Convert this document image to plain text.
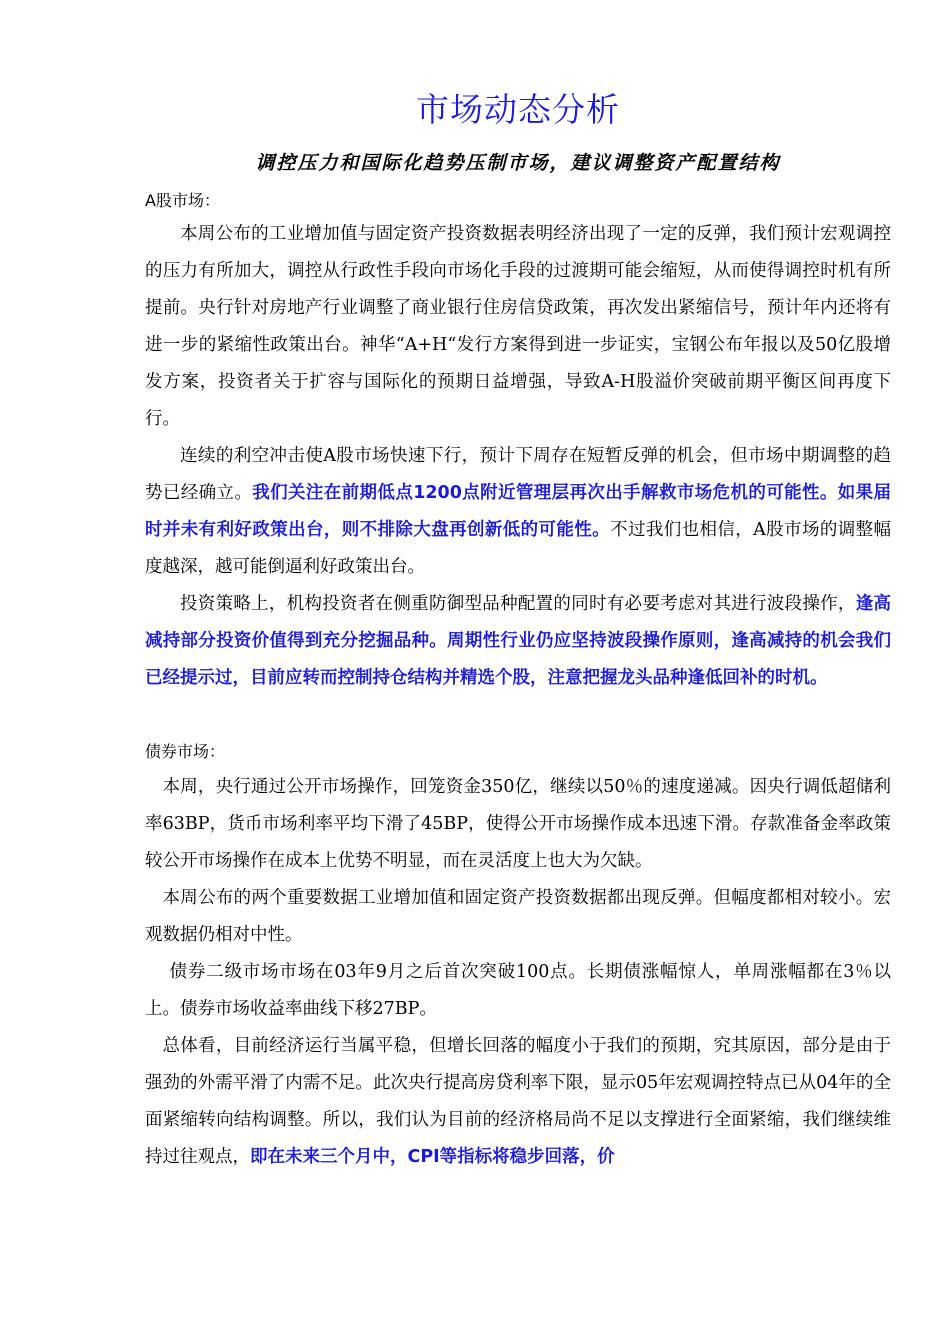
市场动态分析
调控压力和国际化趋势压制市场，建议调整资产配置结构

A股市场：

本周公布的工业增加值与固定资产投资数据表明经济出现了一定的反弹，我们预计宏观调控的压力有所加大，调控从行政性手段向市场化手段的过渡期可能会缩短，从而使得调控时机有所提前。央行针对房地产行业调整了商业银行住房信贷政策，再次发出紧缩信号，预计年内还将有进一步的紧缩性政策出台。神华“A+H“发行方案得到进一步证实，宝钢公布年报以及50亿股增发方案，投资者关于扩容与国际化的预期日益增强，导致A-H股溢价突破前期平衡区间再度下行。

连续的利空冲击使A股市场快速下行，预计下周存在短暂反弹的机会，但市场中期调整的趋势已经确立。我们关注在前期低点1200点附近管理层再次出手解救市场危机的可能性。如果届时并未有利好政策出台，则不排除大盘再创新低的可能性。不过我们也相信，A股市场的调整幅度越深，越可能倒逼利好政策出台。

投资策略上，机构投资者在侧重防御型品种配置的同时有必要考虑对其进行波段操作，逢高减持部分投资价值得到充分挖掘品种。周期性行业仍应坚持波段操作原则，逢高减持的机会我们已经提示过，目前应转而控制持仓结构并精选个股，注意把握龙头品种逢低回补的时机。

债券市场：

本周，央行通过公开市场操作，回笼资金350亿，继续以50％的速度递减。因央行调低超储利率63BP，货币市场利率平均下滑了45BP，使得公开市场操作成本迅速下滑。存款准备金率政策较公开市场操作在成本上优势不明显，而在灵活度上也大为欠缺。

本周公布的两个重要数据工业增加值和固定资产投资数据都出现反弹。但幅度都相对较小。宏观数据仍相对中性。

债券二级市场市场在03年9月之后首次突破100点。长期债涨幅惊人，单周涨幅都在3％以上。债券市场收益率曲线下移27BP。

总体看，目前经济运行当属平稳，但增长回落的幅度小于我们的预期，究其原因，部分是由于强劲的外需平滑了内需不足。此次央行提高房贷利率下限，显示05年宏观调控特点已从04年的全面紧缩转向结构调整。所以，我们认为目前的经济格局尚不足以支撑进行全面紧缩，我们继续维持过往观点，即在未来三个月中，CPI等指标将稳步回落，价
